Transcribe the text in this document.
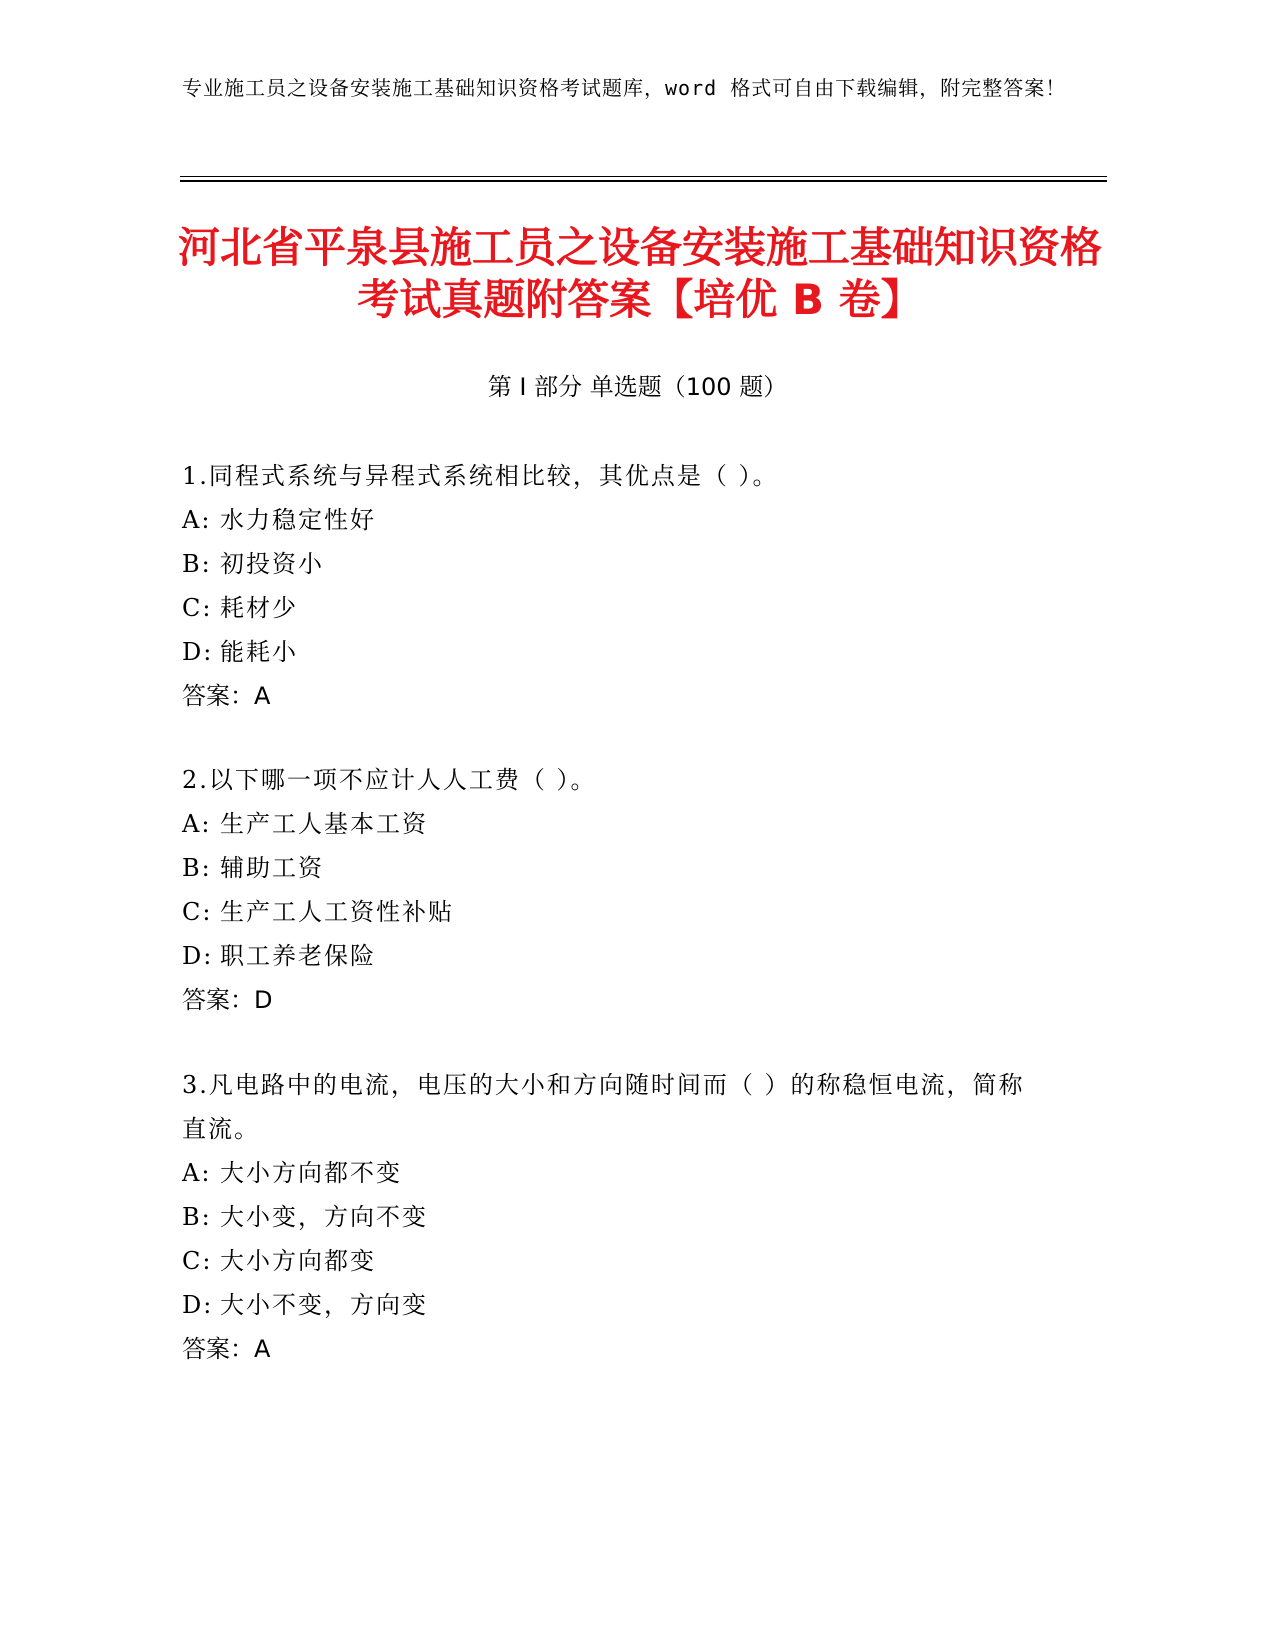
专业施工员之设备安装施工基础知识资格考试题库，word 格式可自由下载编辑，附完整答案！
河北省平泉县施工员之设备安装施工基础知识资格考试真题附答案【培优 B 卷】
第 I 部分 单选题（100 题）
1.同程式系统与异程式系统相比较，其优点是（ ）。
A: 水力稳定性好
B: 初投资小
C: 耗材少
D: 能耗小
答案：A
2.以下哪一项不应计人人工费（ ）。
A: 生产工人基本工资
B: 辅助工资
C: 生产工人工资性补贴
D: 职工养老保险
答案：D
3.凡电路中的电流，电压的大小和方向随时间而（ ）的称稳恒电流，简称直流。
A: 大小方向都不变
B: 大小变，方向不变
C: 大小方向都变
D: 大小不变，方向变
答案：A
